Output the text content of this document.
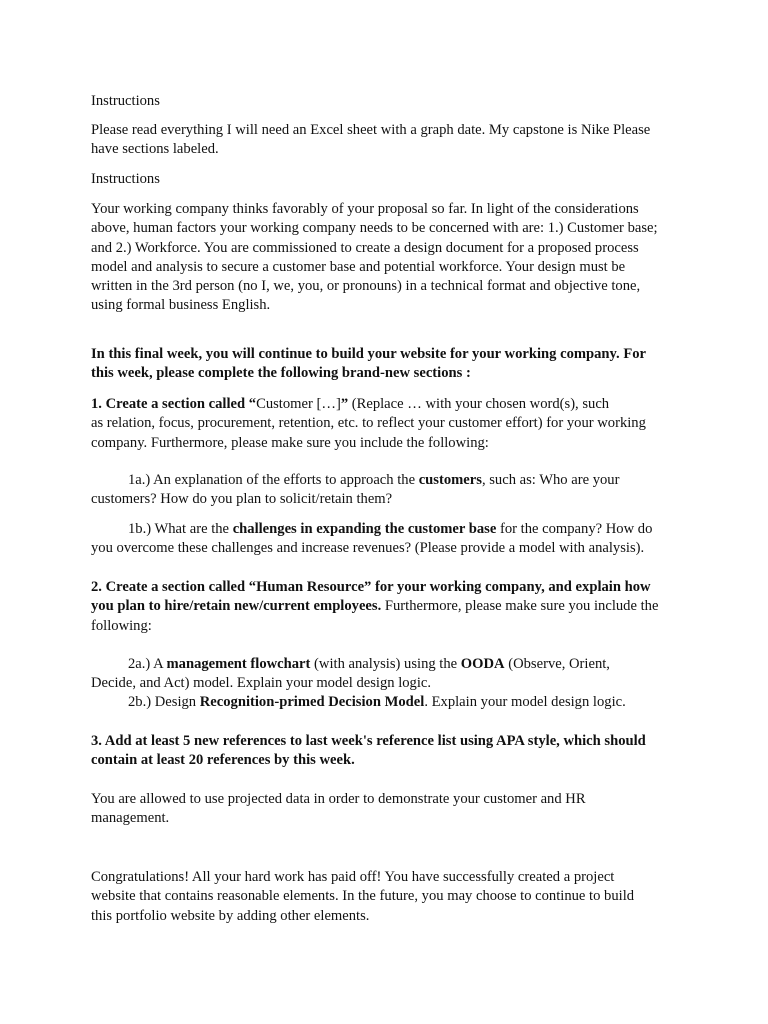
Instructions

Please read everything I will need an Excel sheet with a graph date. My capstone is Nike Please
have sections labeled.

Instructions

Your working company thinks favorably of your proposal so far. In light of the considerations
above, human factors your working company needs to be concerned with are: 1.) Customer base;
and 2.) Workforce. You are commissioned to create a design document for a proposed process
model and analysis to secure a customer base and potential workforce. Your design must be
written in the 3rd person (no I, we, you, or pronouns) in a technical format and objective tone,
using formal business English.

In this final week, you will continue to build your website for your working company. For
this week, please complete the following brand-new sections :

1. Create a section called “Customer […]” (Replace … with your chosen word(s), such
as relation, focus, procurement, retention, etc. to reflect your customer effort) for your working
company. Furthermore, please make sure you include the following:

1a.) An explanation of the efforts to approach the customers, such as: Who are your
customers? How do you plan to solicit/retain them?

1b.) What are the challenges in expanding the customer base for the company? How do
you overcome these challenges and increase revenues? (Please provide a model with analysis).

2. Create a section called “Human Resource” for your working company, and explain how
you plan to hire/retain new/current employees. Furthermore, please make sure you include the
following:

2a.) A management flowchart (with analysis) using the OODA (Observe, Orient,
Decide, and Act) model. Explain your model design logic.

2b.) Design Recognition-primed Decision Model. Explain your model design logic.

3. Add at least 5 new references to last week's reference list using APA style, which should
contain at least 20 references by this week.

You are allowed to use projected data in order to demonstrate your customer and HR
management.

Congratulations! All your hard work has paid off! You have successfully created a project
website that contains reasonable elements. In the future, you may choose to continue to build
this portfolio website by adding other elements.
